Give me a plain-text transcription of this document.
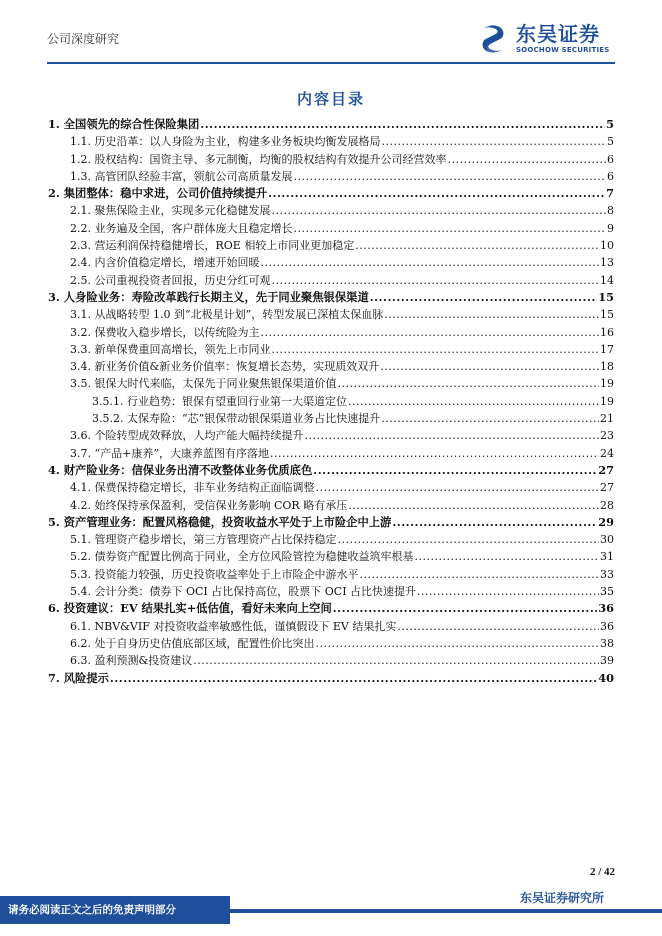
公司深度研究	东吴证券
SOOCHOW SECURITIES
内容目录
1. 全国领先的综合性保险集团 .....	5
1.1. 历史沿革：以人身险为主业，构建多业务板块均衡发展格局 .....	5
1.2. 股权结构：国资主导、多元制衡，均衡的股权结构有效提升公司经营效率 .....	6
1.3. 高管团队经验丰富，领航公司高质量发展 .....	6
2. 集团整体：稳中求进，公司价值持续提升 .....	7
2.1. 聚焦保险主业，实现多元化稳健发展 .....	8
2.2. 业务遍及全国，客户群体庞大且稳定增长 .....	9
2.3. 营运利润保持稳健增长，ROE 相较上市同业更加稳定 .....	10
2.4. 内含价值稳定增长，增速开始回暖 .....	13
2.5. 公司重视投资者回报，历史分红可观 .....	14
3. 人身险业务：寿险改革践行长期主义，先于同业聚焦银保渠道 .....	15
3.1. 从战略转型 1.0 到“北极星计划”，转型发展已深植太保血脉 .....	15
3.2. 保费收入稳步增长，以传统险为主 .....	16
3.3. 新单保费重回高增长，领先上市同业 .....	17
3.4. 新业务价值&新业务价值率：恢复增长态势，实现质效双升 .....	18
3.5. 银保大时代来临，太保先于同业聚焦银保渠道价值 .....	19
3.5.1. 行业趋势：银保有望重回行业第一大渠道定位 .....	19
3.5.2. 太保寿险：“芯”银保带动银保渠道业务占比快速提升 .....	21
3.6. 个险转型成效释放，人均产能大幅持续提升 .....	23
3.7. “产品+康养”，大康养蓝图有序落地 .....	24
4. 财产险业务：信保业务出清不改整体业务优质底色 .....	27
4.1. 保费保持稳定增长，非车业务结构正面临调整 .....	27
4.2. 始终保持承保盈利，受信保业务影响 COR 略有承压 .....	28
5. 资产管理业务：配置风格稳健，投资收益水平处于上市险企中上游 .....	29
5.1. 管理资产稳步增长，第三方管理资产占比保持稳定 .....	30
5.2. 债券资产配置比例高于同业，全方位风险管控为稳健收益筑牢根基 .....	31
5.3. 投资能力较强，历史投资收益率处于上市险企中游水平 .....	33
5.4. 会计分类：债券下 OCI 占比保持高位，股票下 OCI 占比快速提升 .....	35
6. 投资建议：EV 结果扎实+低估值，看好未来向上空间 .....	36
6.1. NBV&VIF 对投资收益率敏感性低，谨慎假设下 EV 结果扎实 .....	36
6.2. 处于自身历史估值底部区域，配置性价比突出 .....	38
6.3. 盈利预测&投资建议 .....	39
7. 风险提示 .....	40
2 / 42
东吴证券研究所
请务必阅读正文之后的免责声明部分
